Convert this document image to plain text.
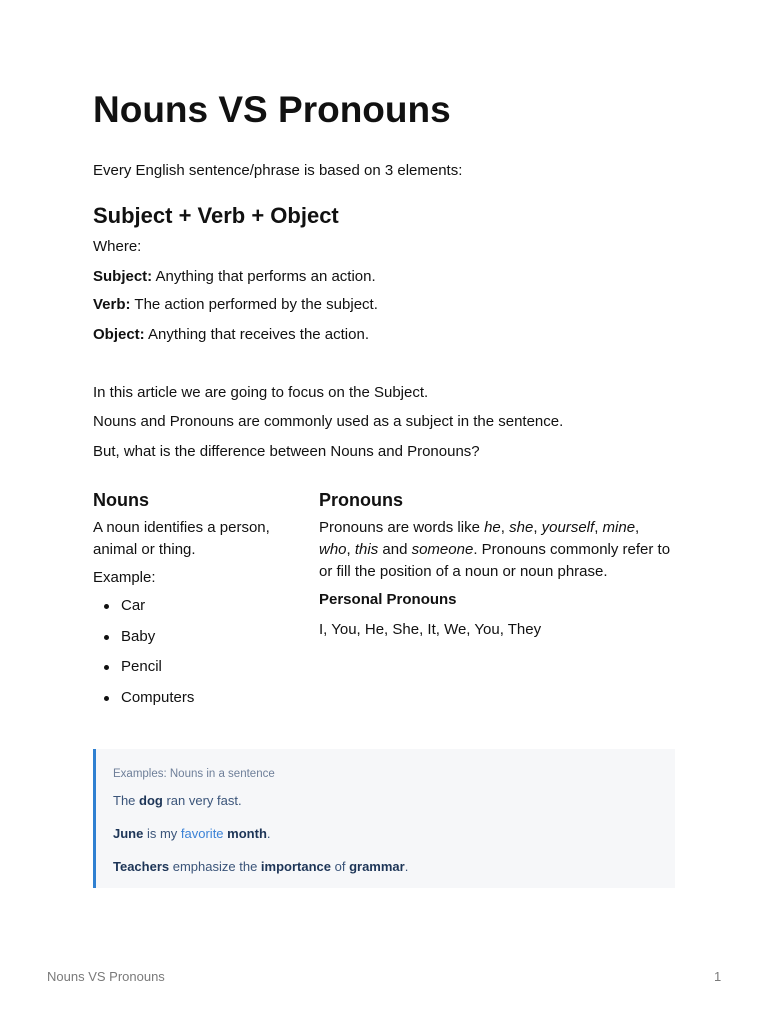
Nouns VS Pronouns

Every English sentence/phrase is based on 3 elements:

Subject + Verb + Object

Where:

Subject: Anything that performs an action.

Verb: The action performed by the subject.

Object: Anything that receives the action.

In this article we are going to focus on the Subject.

Nouns and Pronouns are commonly used as a subject in the sentence.

But, what is the difference between Nouns and Pronouns?

Nouns

A noun identifies a person, animal or thing.

Example:

Car
Baby
Pencil
Computers
Pronouns

Pronouns are words like he, she, yourself, mine, who, this and someone. Pronouns commonly refer to or fill the position of a noun or noun phrase.

Personal Pronouns

I, You, He, She, It, We, You, They

Examples: Nouns in a sentence
The dog ran very fast.
June is my favorite month.
Teachers emphasize the importance of grammar.
Nouns VS Pronouns	1
